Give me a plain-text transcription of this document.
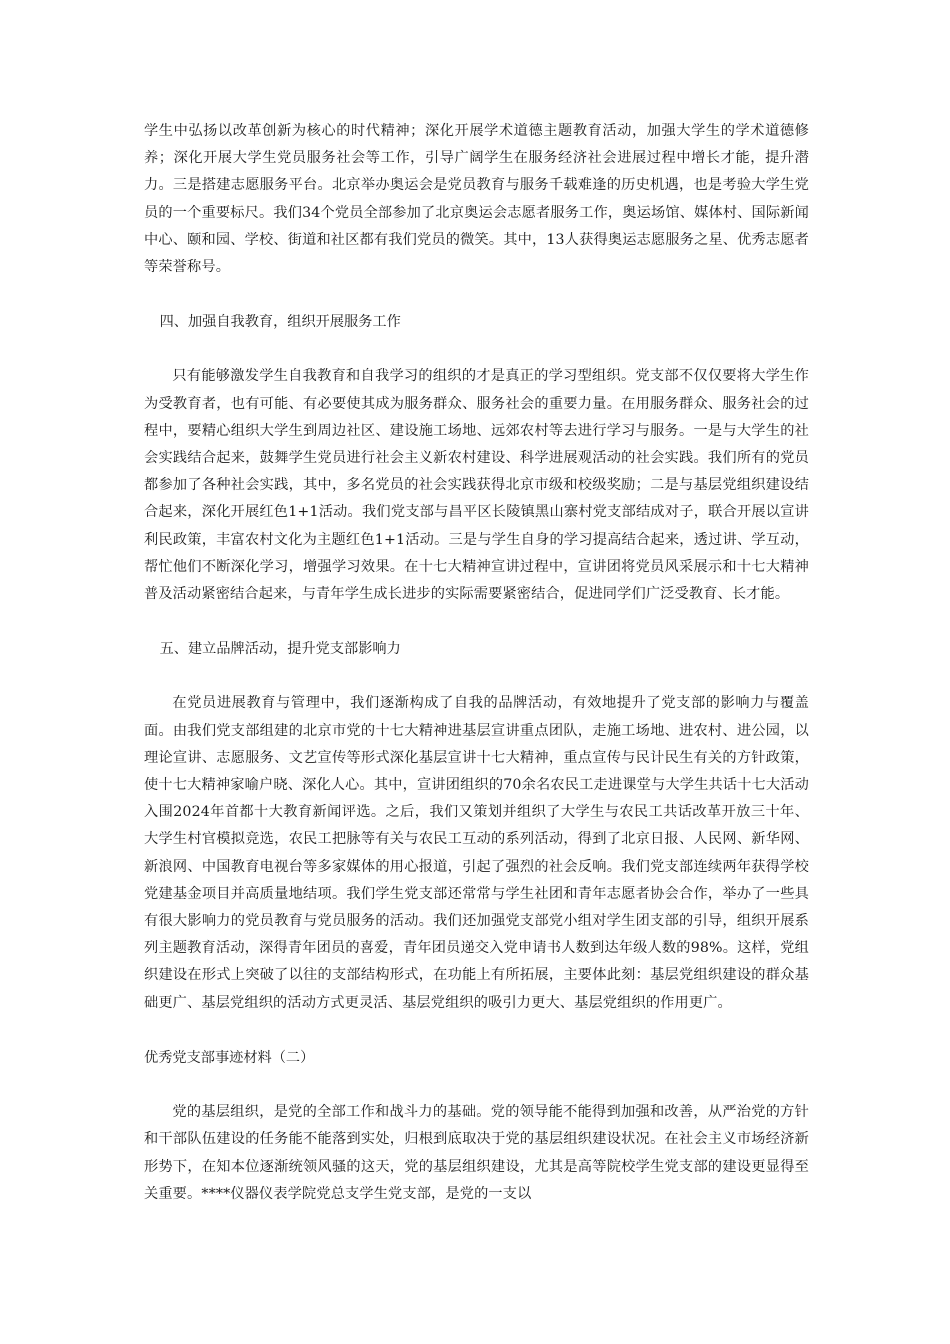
学生中弘扬以改革创新为核心的时代精神；深化开展学术道德主题教育活动，加强大学生的学术道德修养；深化开展大学生党员服务社会等工作，引导广阔学生在服务经济社会进展过程中增长才能，提升潜力。三是搭建志愿服务平台。北京举办奥运会是党员教育与服务千载难逢的历史机遇，也是考验大学生党员的一个重要标尺。我们34个党员全部参加了北京奥运会志愿者服务工作，奥运场馆、媒体村、国际新闻中心、颐和园、学校、街道和社区都有我们党员的微笑。其中，13人获得奥运志愿服务之星、优秀志愿者等荣誉称号。

四、加强自我教育，组织开展服务工作

只有能够激发学生自我教育和自我学习的组织的才是真正的学习型组织。党支部不仅仅要将大学生作为受教育者，也有可能、有必要使其成为服务群众、服务社会的重要力量。在用服务群众、服务社会的过程中，要精心组织大学生到周边社区、建设施工场地、远郊农村等去进行学习与服务。一是与大学生的社会实践结合起来，鼓舞学生党员进行社会主义新农村建设、科学进展观活动的社会实践。我们所有的党员都参加了各种社会实践，其中，多名党员的社会实践获得北京市级和校级奖励；二是与基层党组织建设结合起来，深化开展红色1+1活动。我们党支部与昌平区长陵镇黑山寨村党支部结成对子，联合开展以宣讲利民政策，丰富农村文化为主题红色1+1活动。三是与学生自身的学习提高结合起来，透过讲、学互动，帮忙他们不断深化学习，增强学习效果。在十七大精神宣讲过程中，宣讲团将党员风采展示和十七大精神普及活动紧密结合起来，与青年学生成长进步的实际需要紧密结合，促进同学们广泛受教育、长才能。

五、建立品牌活动，提升党支部影响力

在党员进展教育与管理中，我们逐渐构成了自我的品牌活动，有效地提升了党支部的影响力与覆盖面。由我们党支部组建的北京市党的十七大精神进基层宣讲重点团队，走施工场地、进农村、进公园，以理论宣讲、志愿服务、文艺宣传等形式深化基层宣讲十七大精神，重点宣传与民计民生有关的方针政策，使十七大精神家喻户晓、深化人心。其中，宣讲团组织的70余名农民工走进课堂与大学生共话十七大活动入围2024年首都十大教育新闻评选。之后，我们又策划并组织了大学生与农民工共话改革开放三十年、大学生村官模拟竞选，农民工把脉等有关与农民工互动的系列活动，得到了北京日报、人民网、新华网、新浪网、中国教育电视台等多家媒体的用心报道，引起了强烈的社会反响。我们党支部连续两年获得学校党建基金项目并高质量地结项。我们学生党支部还常常与学生社团和青年志愿者协会合作，举办了一些具有很大影响力的党员教育与党员服务的活动。我们还加强党支部党小组对学生团支部的引导，组织开展系列主题教育活动，深得青年团员的喜爱，青年团员递交入党申请书人数到达年级人数的98%。这样，党组织建设在形式上突破了以往的支部结构形式，在功能上有所拓展，主要体此刻：基层党组织建设的群众基础更广、基层党组织的活动方式更灵活、基层党组织的吸引力更大、基层党组织的作用更广。

优秀党支部事迹材料（二）

党的基层组织，是党的全部工作和战斗力的基础。党的领导能不能得到加强和改善，从严治党的方针和干部队伍建设的任务能不能落到实处，归根到底取决于党的基层组织建设状况。在社会主义市场经济新形势下，在知本位逐渐统领风骚的这天，党的基层组织建设，尤其是高等院校学生党支部的建设更显得至关重要。****仪器仪表学院党总支学生党支部，是党的一支以
